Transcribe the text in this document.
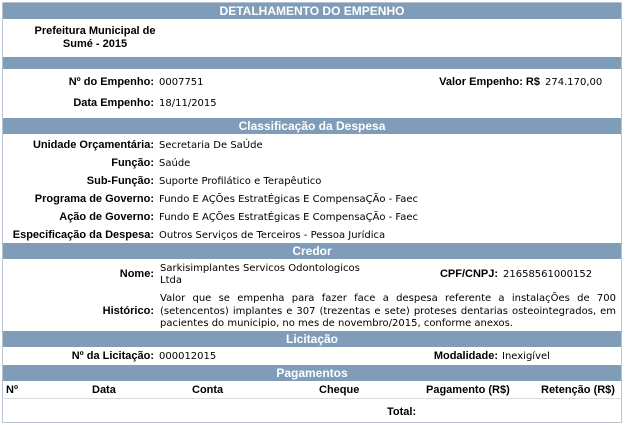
DETALHAMENTO DO EMPENHO
Prefeitura Municipal de
Sumé - 2015
Nº do Empenho: 0007751	Valor Empenho: R$ 274.170,00
Data Empenho: 18/11/2015
Classificação da Despesa
Unidade Orçamentária: Secretaria De SaÚde
Função: Saúde
Sub-Função: Suporte Profilático e Terapêutico
Programa de Governo: Fundo E AÇÕes EstratÉgicas E CompensaÇÃo - Faec
Ação de Governo: Fundo E AÇÕes EstratÉgicas E CompensaÇÃo - Faec
Especificação da Despesa: Outros Serviços de Terceiros - Pessoa Jurídica
Credor
Nome: Sarkisimplantes Servicos Odontologicos
Ltda
CPF/CNPJ: 21658561000152
Histórico:
Valor que se empenha para fazer face a despesa referente a instalaçÕes de 700 (setencentos) implantes e 307 (trezentas e sete) proteses dentarias osteointegrados, em pacientes do municipio, no mes de novembro/2015, conforme anexos.
Licitação
Nº da Licitação: 000012015	Modalidade: Inexigível
Pagamentos
Nº	Data	Conta	Cheque	Pagamento (R$)	Retenção (R$)
Total:
